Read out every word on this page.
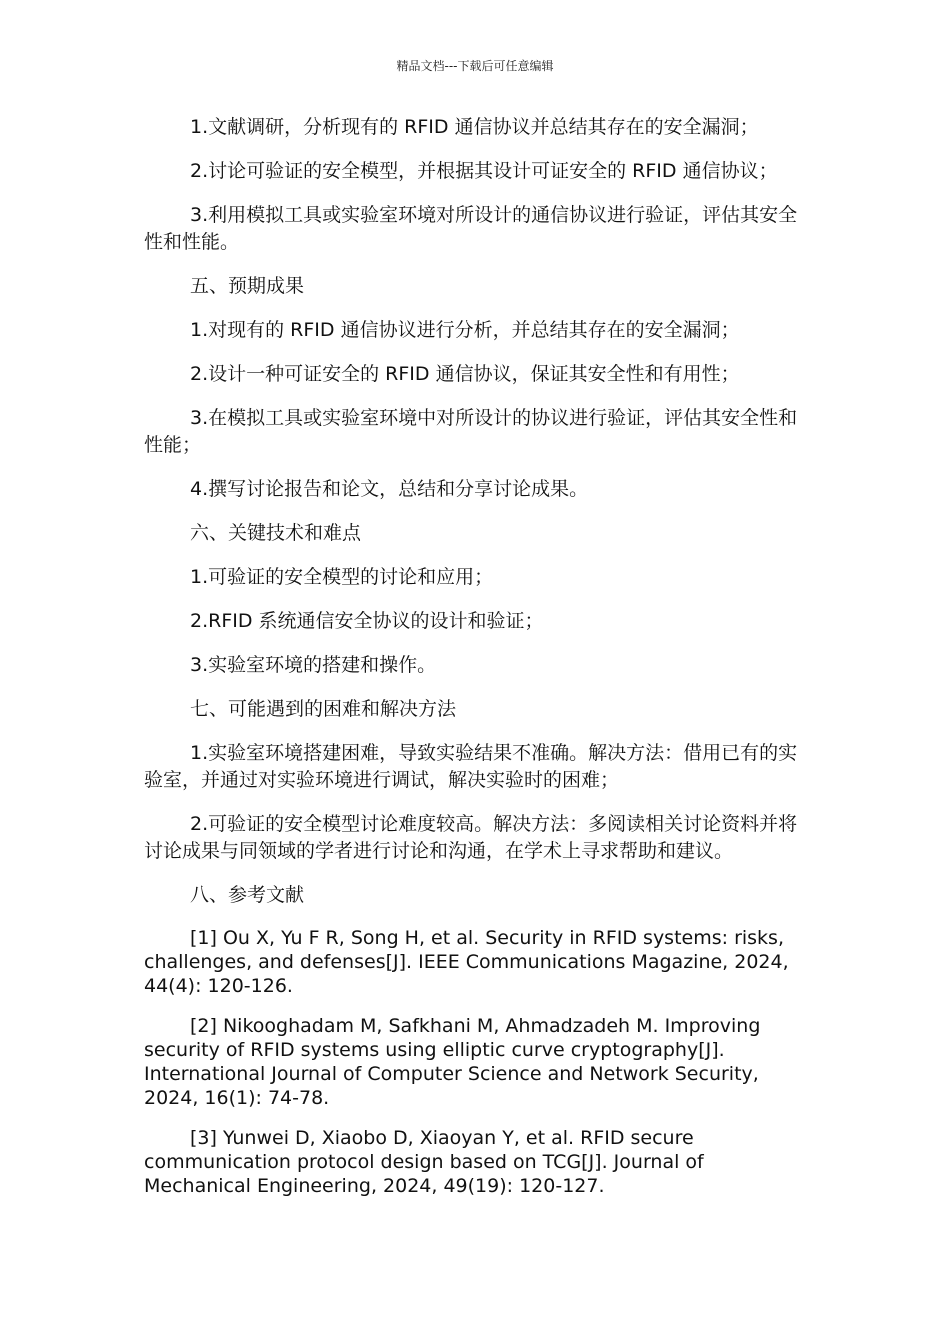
精品文档---下载后可任意编辑

1.文献调研，分析现有的 RFID 通信协议并总结其存在的安全漏洞；

2.讨论可验证的安全模型，并根据其设计可证安全的 RFID 通信协议；

3.利用模拟工具或实验室环境对所设计的通信协议进行验证，评估其安全性和性能。

五、预期成果

1.对现有的 RFID 通信协议进行分析，并总结其存在的安全漏洞；

2.设计一种可证安全的 RFID 通信协议，保证其安全性和有用性；

3.在模拟工具或实验室环境中对所设计的协议进行验证，评估其安全性和性能；

4.撰写讨论报告和论文，总结和分享讨论成果。

六、关键技术和难点

1.可验证的安全模型的讨论和应用；

2.RFID 系统通信安全协议的设计和验证；

3.实验室环境的搭建和操作。

七、可能遇到的困难和解决方法

1.实验室环境搭建困难，导致实验结果不准确。解决方法：借用已有的实验室，并通过对实验环境进行调试，解决实验时的困难；

2.可验证的安全模型讨论难度较高。解决方法：多阅读相关讨论资料并将讨论成果与同领域的学者进行讨论和沟通，在学术上寻求帮助和建议。

八、参考文献

[1] Ou X, Yu F R, Song H, et al. Security in RFID systems: risks, challenges, and defenses[J]. IEEE Communications Magazine, 2024, 44(4): 120-126.

[2] Nikooghadam M, Safkhani M, Ahmadzadeh M. Improving security of RFID systems using elliptic curve cryptography[J]. International Journal of Computer Science and Network Security, 2024, 16(1): 74-78.

[3] Yunwei D, Xiaobo D, Xiaoyan Y, et al. RFID secure communication protocol design based on TCG[J]. Journal of Mechanical Engineering, 2024, 49(19): 120-127.
